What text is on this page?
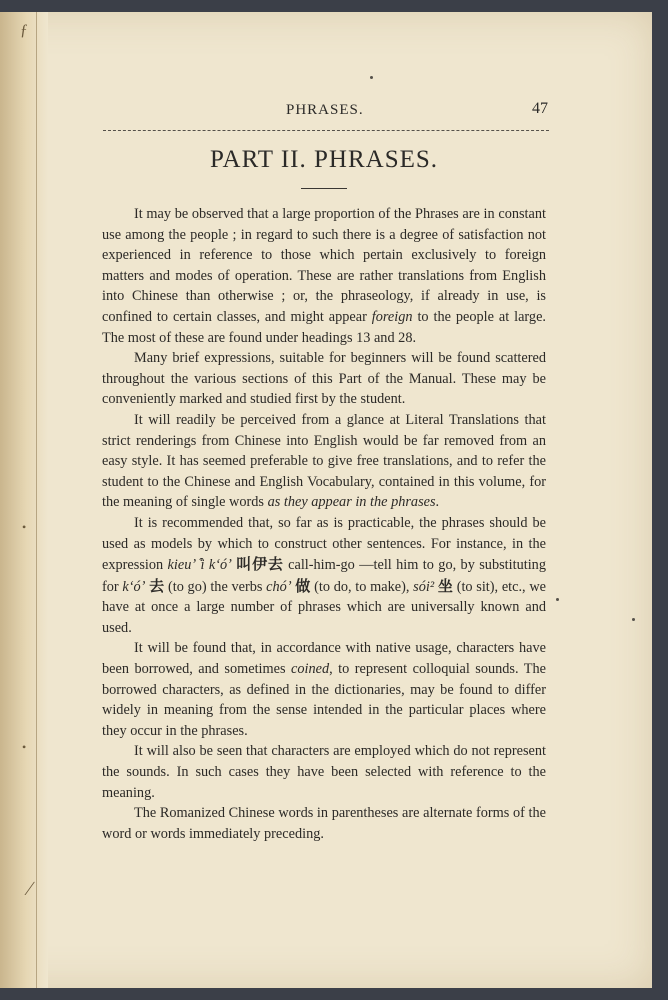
ƒ
•
•
∕
PHRASES.	47
PART II. PHRASES.

It may be observed that a large proportion of the Phrases are in constant use among the people ; in regard to such there is a degree of satisfaction not experienced in reference to those which pertain exclusively to foreign matters and modes of operation. These are rather translations from English into Chinese than otherwise ; or, the phraseology, if already in use, is confined to certain classes, and might appear foreign to the people at large. The most of these are found under headings 13 and 28.

Many brief expressions, suitable for beginners will be found scattered throughout the various sections of this Part of the Manual. These may be conveniently marked and studied first by the student.

It will readily be perceived from a glance at Literal Translations that strict renderings from Chinese into English would be far removed from an easy style. It has seemed preferable to give free translations, and to refer the student to the Chinese and English Vocabulary, contained in this volume, for the meaning of single words as they appear in the phrases.

It is recommended that, so far as is practicable, the phrases should be used as models by which to construct other sentences. For instance, in the expression kieuʼ ͒i k‘óʼ 叫伊去 call-him-go —tell him to go, by substituting for k‘óʼ 去 (to go) the verbs chóʼ 做 (to do, to make), sói² 坐 (to sit), etc., we have at once a large number of phrases which are universally known and used.

It will be found that, in accordance with native usage, characters have been borrowed, and sometimes coined, to represent colloquial sounds. The borrowed characters, as defined in the dictionaries, may be found to differ widely in meaning from the sense intended in the particular places where they occur in the phrases.

It will also be seen that characters are employed which do not represent the sounds. In such cases they have been selected with reference to the meaning.

The Romanized Chinese words in parentheses are alternate forms of the word or words immediately preceding.
